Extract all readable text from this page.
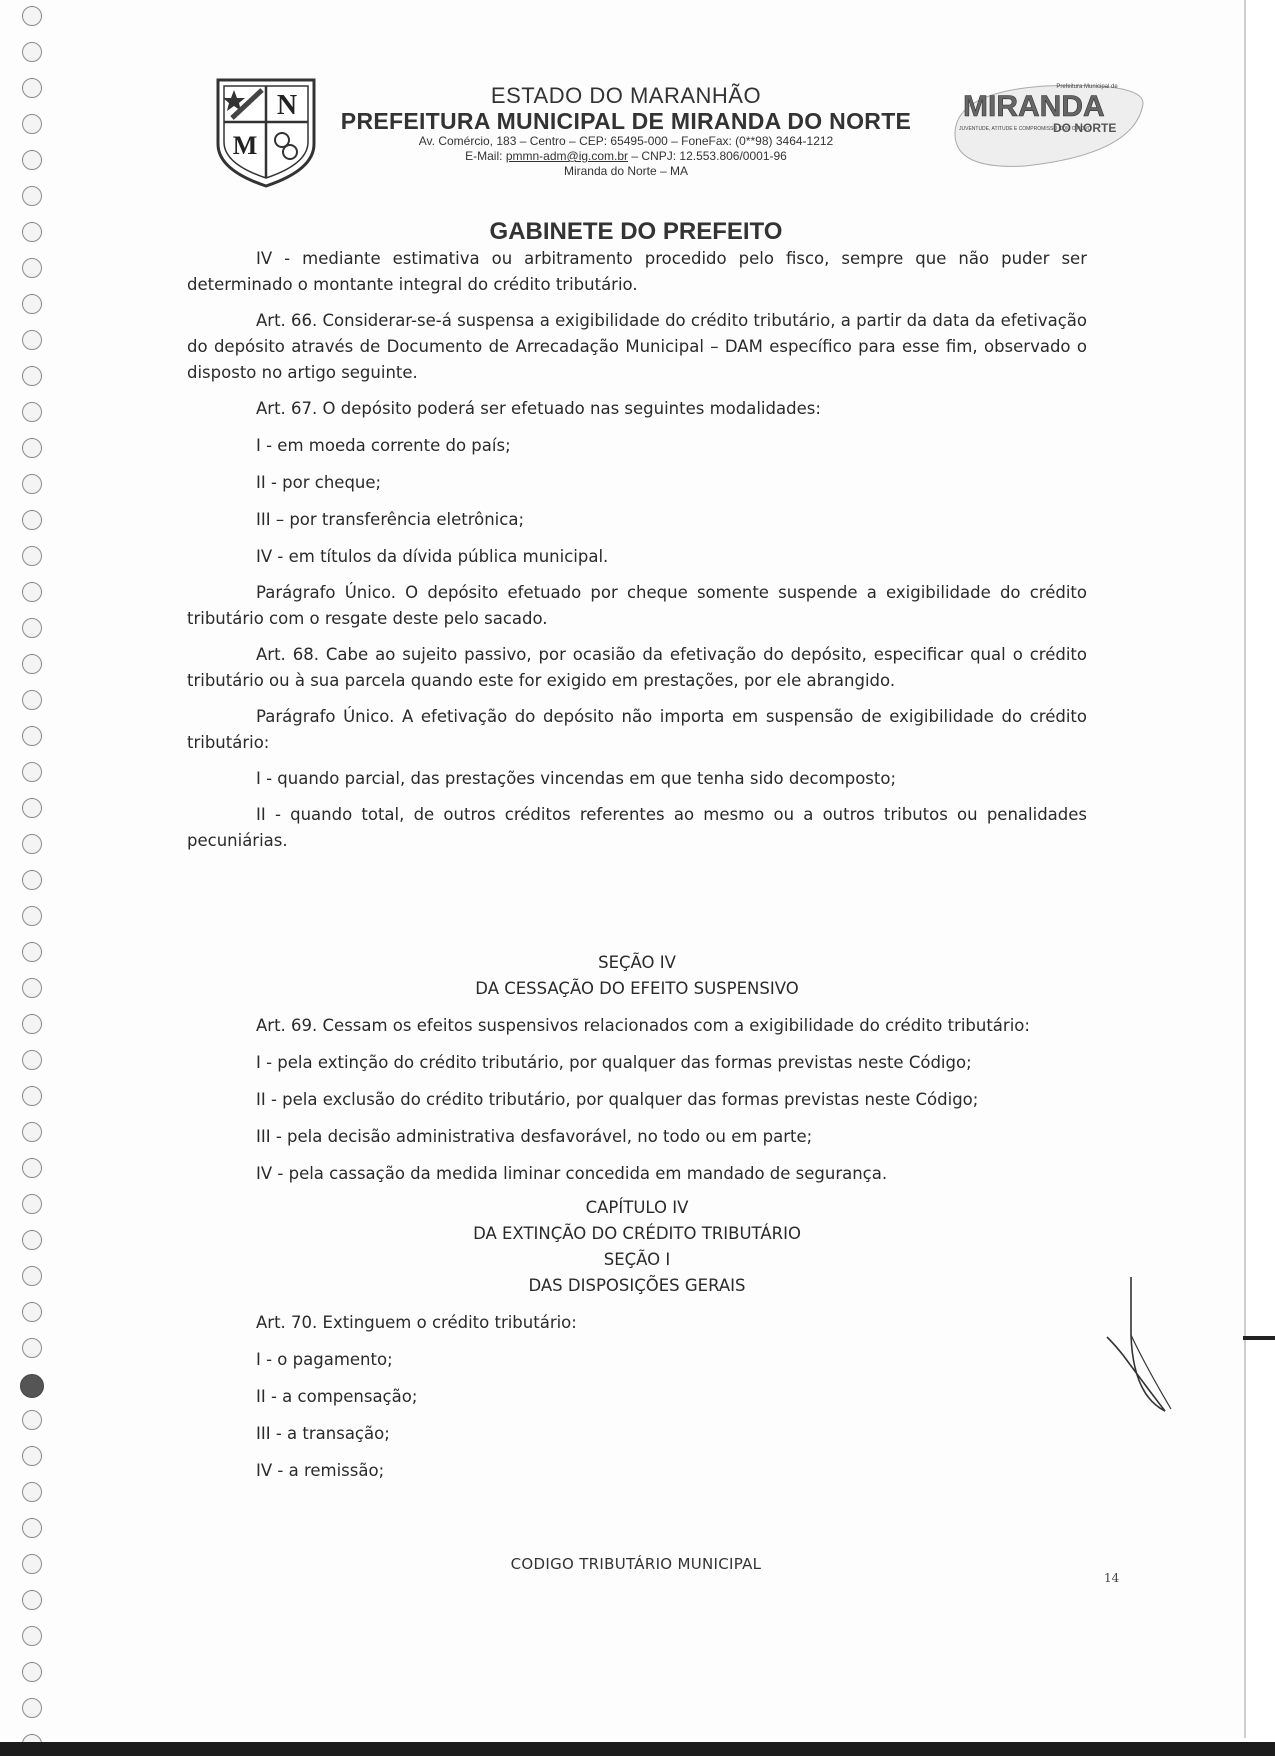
N
M
ESTADO DO MARANHÃO
PREFEITURA MUNICIPAL DE MIRANDA DO NORTE
Av. Comércio, 183 – Centro – CEP: 65495-000 – FoneFax: (0**98) 3464-1212
E-Mail: pmmn-adm@ig.com.br – CNPJ: 12.553.806/0001-96
Miranda do Norte – MA
Prefeitura Municipal de
MIRANDA
DO NORTE
JUVENTUDE, ATITUDE E COMPROMISSO COM O POVO
GABINETE DO PREFEITO

IV - mediante estimativa ou arbitramento procedido pelo fisco, sempre que não puder ser determinado o montante integral do crédito tributário.

Art. 66. Considerar-se-á suspensa a exigibilidade do crédito tributário, a partir da data da efetivação do depósito através de Documento de Arrecadação Municipal – DAM específico para esse fim, observado o disposto no artigo seguinte.

Art. 67. O depósito poderá ser efetuado nas seguintes modalidades:

I - em moeda corrente do país;

II - por cheque;

III – por transferência eletrônica;

IV - em títulos da dívida pública municipal.

Parágrafo Único. O depósito efetuado por cheque somente suspende a exigibilidade do crédito tributário com o resgate deste pelo sacado.

Art. 68. Cabe ao sujeito passivo, por ocasião da efetivação do depósito, especificar qual o crédito tributário ou à sua parcela quando este for exigido em prestações, por ele abrangido.

Parágrafo Único. A efetivação do depósito não importa em suspensão de exigibilidade do crédito tributário:

I - quando parcial, das prestações vincendas em que tenha sido decomposto;

II - quando total, de outros créditos referentes ao mesmo ou a outros tributos ou penalidades pecuniárias.

SEÇÃO IV

DA CESSAÇÃO DO EFEITO SUSPENSIVO

Art. 69. Cessam os efeitos suspensivos relacionados com a exigibilidade do crédito tributário:

I - pela extinção do crédito tributário, por qualquer das formas previstas neste Código;

II - pela exclusão do crédito tributário, por qualquer das formas previstas neste Código;

III - pela decisão administrativa desfavorável, no todo ou em parte;

IV - pela cassação da medida liminar concedida em mandado de segurança.

CAPÍTULO IV

DA EXTINÇÃO DO CRÉDITO TRIBUTÁRIO

SEÇÃO I

DAS DISPOSIÇÕES GERAIS

Art. 70. Extinguem o crédito tributário:

I - o pagamento;

II - a compensação;

III - a transação;

IV - a remissão;

CODIGO TRIBUTÁRIO MUNICIPAL
14
